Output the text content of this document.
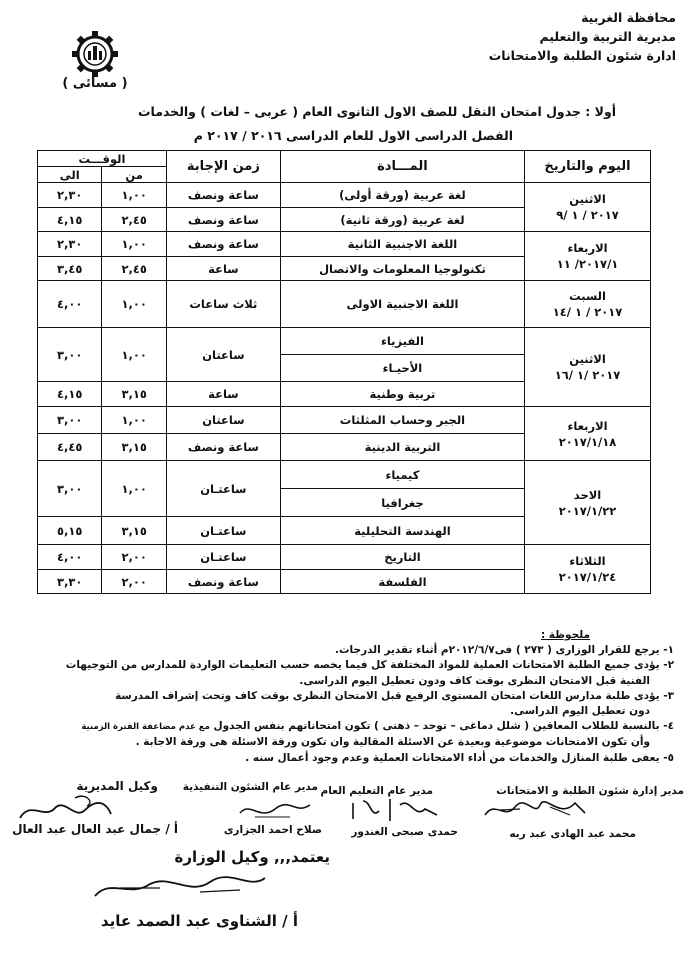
محافظة الغربية
مديرية التربية والتعليم
ادارة شئون الطلبة والامتحانات
( مسائى )
أولا : جدول امتحان النقل للصف الاول الثانوى العام ( عربى – لغات ) والخدمات
الفصل الدراسى الاول للعام الدراسى ٢٠١٦ / ٢٠١٧ م
اليوم والتاريخ	المـــادة	زمن الإجابة	الوقـــت	
			من	الى

الاثنين
٢٠١٧ / ١ /٩	لغة عربية (ورقة أولى)	ساعة ونصف	١,٠٠	٢,٣٠
	لغة عربية (ورقة ثانية)	ساعة ونصف	٢,٤٥	٤,١٥

الاربعاء
٢٠١٧/١/ ١١	اللغة الاجنبية الثانية	ساعة ونصف	١,٠٠	٢,٣٠
	تكنولوجيا المعلومات والاتصال	ساعة	٢,٤٥	٣,٤٥

السبت
٢٠١٧ / ١ /١٤	اللغة الاجنبية الاولى	ثلاث ساعات	١,٠٠	٤,٠٠

الاثنين
٢٠١٧ /١ /١٦	الفيزياء	ساعتان	١,٠٠	٣,٠٠
	الأحيـاء			
	تربية وطنية	ساعة	٣,١٥	٤,١٥

الاربعاء
٢٠١٧/١/١٨	الجبر وحساب المثلثات	ساعتان	١,٠٠	٣,٠٠
	التربية الدينية	ساعة ونصف	٣,١٥	٤,٤٥

الاحد
٢٠١٧/١/٢٢	كيمياء	ساعتـان	١,٠٠	٣,٠٠
	جغرافيا			
	الهندسة التحليلية	ساعتـان	٣,١٥	٥,١٥

الثلاثاء
٢٠١٧/١/٢٤	التاريخ	ساعتـان	٢,٠٠	٤,٠٠
	الفلسفة	ساعة ونصف	٢,٠٠	٣,٣٠
ملحوظة :
١- يرجع للقرار الوزارى ( ٢٧٣ ) فى٢٠١٢/٦/٧م أثناء تقدير الدرجات.
٢- يؤدى جميع الطلبة الامتحانات العملية للمواد المختلفة كل فيما يخصه حسب التعليمات الواردة للمدارس من التوجيهات
الفنية قبل الامتحان النظرى بوقت كاف ودون تعطيل اليوم الدراسى.
٣- يؤدى طلبة مدارس اللغات امتحان المستوى الرفيع قبل الامتحان النظرى بوقت كاف وتحت إشراف المدرسة
دون تعطيل اليوم الدراسى.
٤- بالنسبة للطلاب المعاقين ( شلل دماغى – توحد – ذهنى ) تكون امتحاناتهم بنفس الجدول مع عدم مضاعفة الفترة الزمنية
وأن تكون الامتحانات موضوعية وبعيدة عن الاسئلة المقالية وان تكون ورقة الاسئلة هى ورقة الاجابة .
٥- يعفى طلبة المنازل والخدمات من أداء الامتحانات العملية وعدم وجود أعمال سنه .
مدير إدارة شئون الطلبة و الامتحانات
مدير عام التعليم العام
مدير عام الشئون التنفيذية
وكيل المديرية
محمد عبد الهادى عبد ربه
حمدى صبحى الغندور
صلاح احمد الجزارى
أ / جمال عبد العال عبد العال
يعتمد,,, وكيل الوزارة
أ / الشناوى عبد الصمد عايد
